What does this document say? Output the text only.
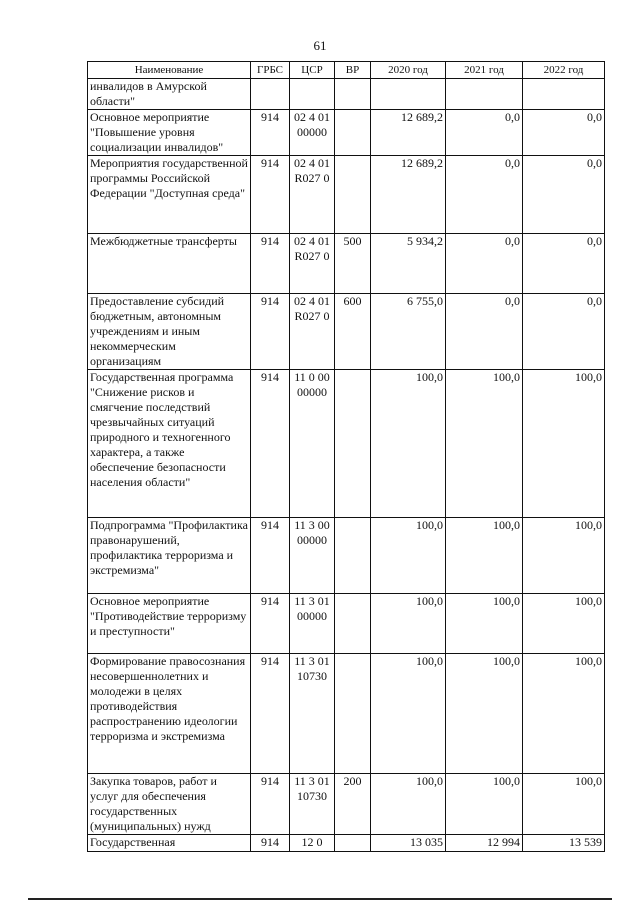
61
Наименование	ГРБС	ЦСР	ВР	2020 год	2021 год	2022 год
инвалидов в Амурской области"						
Основное мероприятие "Повышение уровня социализации инвалидов"	914	02 4 01 00000		12 689,2	0,0	0,0
Мероприятия государственной программы Российской Федерации "Доступная среда"	914	02 4 01 R027 0		12 689,2	0,0	0,0
Межбюджетные трансферты	914	02 4 01 R027 0	500	5 934,2	0,0	0,0
Предоставление субсидий бюджетным, автономным учреждениям и иным некоммерческим организациям	914	02 4 01 R027 0	600	6 755,0	0,0	0,0
Государственная программа "Снижение рисков и смягчение последствий чрезвычайных ситуаций природного и техногенного характера, а также обеспечение безопасности населения области"	914	11 0 00 00000		100,0	100,0	100,0
Подпрограмма "Профилактика правонарушений, профилактика терроризма и экстремизма"	914	11 3 00 00000		100,0	100,0	100,0
Основное мероприятие "Противодействие терроризму и преступности"	914	11 3 01 00000		100,0	100,0	100,0
Формирование правосознания несовершеннолетних и молодежи в целях противодействия распространению идеологии терроризма и экстремизма	914	11 3 01 10730		100,0	100,0	100,0
Закупка товаров, работ и услуг для обеспечения государственных (муниципальных) нужд	914	11 3 01 10730	200	100,0	100,0	100,0
Государственная	914	12 0		13 035	12 994	13 539
